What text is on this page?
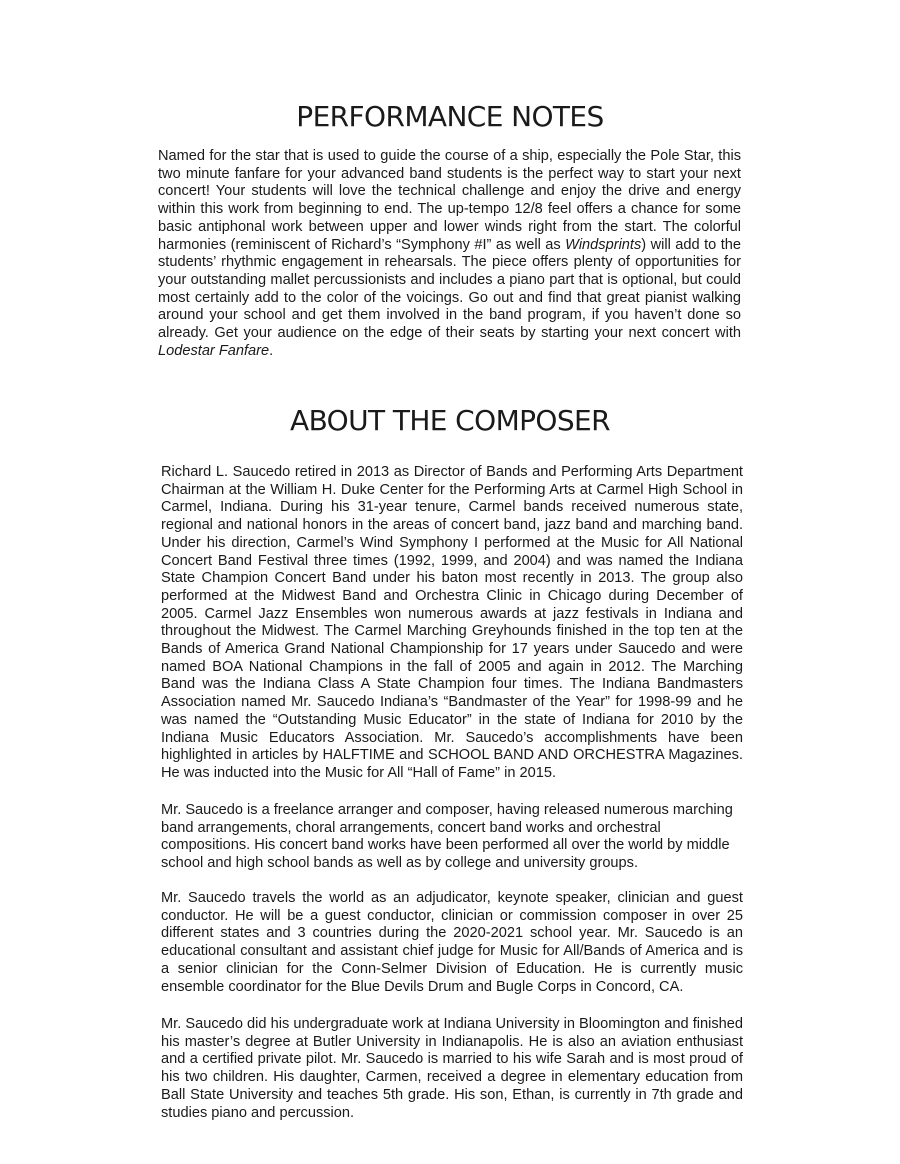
PERFORMANCE NOTES

Named for the star that is used to guide the course of a ship, especially the Pole Star, this two minute fanfare for your advanced band students is the perfect way to start your next concert! Your students will love the technical challenge and enjoy the drive and energy within this work from beginning to end. The up-tempo 12/8 feel offers a chance for some basic antiphonal work between upper and lower winds right from the start. The colorful harmonies (reminiscent of Richard’s “Symphony #I” as well as Windsprints) will add to the students’ rhythmic engagement in rehearsals. The piece offers plenty of opportunities for your outstanding mallet percussionists and includes a piano part that is optional, but could most certainly add to the color of the voicings. Go out and find that great pianist walking around your school and get them involved in the band program, if you haven’t done so already. Get your audience on the edge of their seats by starting your next concert with Lodestar Fanfare.

ABOUT THE COMPOSER

Richard L. Saucedo retired in 2013 as Director of Bands and Performing Arts Department Chairman at the William H. Duke Center for the Performing Arts at Carmel High School in Carmel, Indiana. During his 31-year tenure, Carmel bands received numerous state, regional and national honors in the areas of concert band, jazz band and marching band. Under his direction, Carmel’s Wind Symphony I performed at the Music for All National Concert Band Festival three times (1992, 1999, and 2004) and was named the Indiana State Champion Concert Band under his baton most recently in 2013. The group also performed at the Midwest Band and Orchestra Clinic in Chicago during December of 2005. Carmel Jazz Ensembles won numerous awards at jazz festivals in Indiana and throughout the Midwest. The Carmel Marching Greyhounds finished in the top ten at the Bands of America Grand National Championship for 17 years under Saucedo and were named BOA National Champions in the fall of 2005 and again in 2012. The Marching Band was the Indiana Class A State Champion four times. The Indiana Bandmasters Association named Mr. Saucedo Indiana’s “Bandmaster of the Year” for 1998-99 and he was named the “Outstanding Music Educator” in the state of Indiana for 2010 by the Indiana Music Educators Association. Mr. Saucedo’s accomplishments have been highlighted in articles by HALFTIME and SCHOOL BAND AND ORCHESTRA Magazines. He was inducted into the Music for All “Hall of Fame” in 2015.

Mr. Saucedo is a freelance arranger and composer, having released numerous marching band arrangements, choral arrangements, concert band works and orchestral compositions. His concert band works have been performed all over the world by middle school and high school bands as well as by college and university groups.

Mr. Saucedo travels the world as an adjudicator, keynote speaker, clinician and guest conductor. He will be a guest conductor, clinician or commission composer in over 25 different states and 3 countries during the 2020-2021 school year. Mr. Saucedo is an educational consultant and assistant chief judge for Music for All/Bands of America and is a senior clinician for the Conn-Selmer Division of Education. He is currently music ensemble coordinator for the Blue Devils Drum and Bugle Corps in Concord, CA.

Mr. Saucedo did his undergraduate work at Indiana University in Bloomington and finished his master’s degree at Butler University in Indianapolis. He is also an aviation enthusiast and a certified private pilot. Mr. Saucedo is married to his wife Sarah and is most proud of his two children. His daughter, Carmen, received a degree in elementary education from Ball State University and teaches 5th grade. His son, Ethan, is currently in 7th grade and studies piano and percussion.
